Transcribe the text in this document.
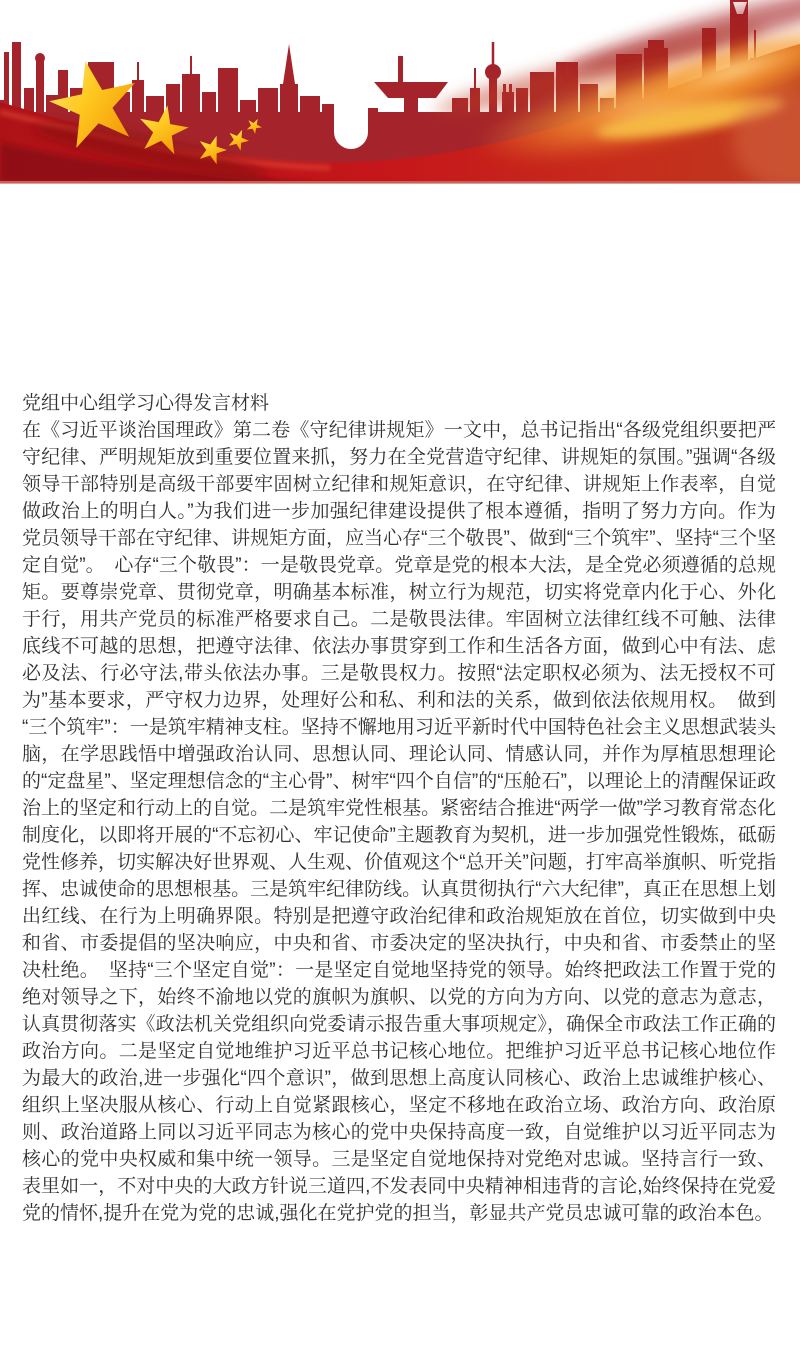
党组中心组学习心得发言材料

在《习近平谈治国理政》第二卷《守纪律讲规矩》一文中，总书记指出“各级党组织要把严守纪律、严明规矩放到重要位置来抓，努力在全党营造守纪律、讲规矩的氛围。”强调“各级领导干部特别是高级干部要牢固树立纪律和规矩意识，在守纪律、讲规矩上作表率，自觉做政治上的明白人。”为我们进一步加强纪律建设提供了根本遵循，指明了努力方向。作为党员领导干部在守纪律、讲规矩方面，应当心存“三个敬畏”、做到“三个筑牢”、坚持“三个坚定自觉”。　心存“三个敬畏”：一是敬畏党章。党章是党的根本大法，是全党必须遵循的总规矩。要尊崇党章、贯彻党章，明确基本标准，树立行为规范，切实将党章内化于心、外化于行，用共产党员的标准严格要求自己。二是敬畏法律。牢固树立法律红线不可触、法律底线不可越的思想，把遵守法律、依法办事贯穿到工作和生活各方面，做到心中有法、虑必及法、行必守法,带头依法办事。三是敬畏权力。按照“法定职权必须为、法无授权不可为”基本要求，严守权力边界，处理好公和私、利和法的关系，做到依法依规用权。　做到“三个筑牢”：一是筑牢精神支柱。坚持不懈地用习近平新时代中国特色社会主义思想武装头脑，在学思践悟中增强政治认同、思想认同、理论认同、情感认同，并作为厚植思想理论的“定盘星”、坚定理想信念的“主心骨”、树牢“四个自信”的“压舱石”，以理论上的清醒保证政治上的坚定和行动上的自觉。二是筑牢党性根基。紧密结合推进“两学一做”学习教育常态化制度化，以即将开展的“不忘初心、牢记使命”主题教育为契机，进一步加强党性锻炼，砥砺党性修养，切实解决好世界观、人生观、价值观这个“总开关”问题，打牢高举旗帜、听党指挥、忠诚使命的思想根基。三是筑牢纪律防线。认真贯彻执行“六大纪律”，真正在思想上划出红线、在行为上明确界限。特别是把遵守政治纪律和政治规矩放在首位，切实做到中央和省、市委提倡的坚决响应，中央和省、市委决定的坚决执行，中央和省、市委禁止的坚决杜绝。　坚持“三个坚定自觉”：一是坚定自觉地坚持党的领导。始终把政法工作置于党的绝对领导之下，始终不渝地以党的旗帜为旗帜、以党的方向为方向、以党的意志为意志，认真贯彻落实《政法机关党组织向党委请示报告重大事项规定》，确保全市政法工作正确的政治方向。二是坚定自觉地维护习近平总书记核心地位。把维护习近平总书记核心地位作为最大的政治,进一步强化“四个意识”，做到思想上高度认同核心、政治上忠诚维护核心、组织上坚决服从核心、行动上自觉紧跟核心，坚定不移地在政治立场、政治方向、政治原则、政治道路上同以习近平同志为核心的党中央保持高度一致，自觉维护以习近平同志为核心的党中央权威和集中统一领导。三是坚定自觉地保持对党绝对忠诚。坚持言行一致、表里如一，不对中央的大政方针说三道四,不发表同中央精神相违背的言论,始终保持在党爱党的情怀,提升在党为党的忠诚,强化在党护党的担当，彰显共产党员忠诚可靠的政治本色。
